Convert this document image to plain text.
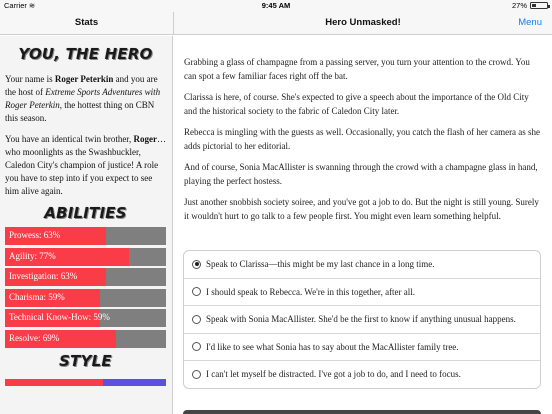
Carrier ≋	9:45 AM	27%
Stats	Hero Unmasked!	Menu
YOU, THE HERO

Your name is Roger Peterkin and you are the host of Extreme Sports Adventures with Roger Peterkin, the hottest thing on CBN this season.

You have an identical twin brother, Roger… who moonlights as the Swashbuckler, Caledon City's champion of justice! A role you have to step into if you expect to see him alive again.

ABILITIES
Prowess: 63%
Agility: 77%
Investigation: 63%
Charisma: 59%
Technical Know-How: 59%
Resolve: 69%
STYLE

Grabbing a glass of champagne from a passing server, you turn your attention to the crowd. You can spot a few familiar faces right off the bat.

Clarissa is here, of course. She's expected to give a speech about the importance of the Old City and the historical society to the fabric of Caledon City later.

Rebecca is mingling with the guests as well. Occasionally, you catch the flash of her camera as she adds pictorial to her editorial.

And of course, Sonia MacAllister is swanning through the crowd with a champagne glass in hand, playing the perfect hostess.

Just another snobbish society soiree, and you've got a job to do. But the night is still young. Surely it wouldn't hurt to go talk to a few people first. You might even learn something helpful.

Speak to Clarissa—this might be my last chance in a long time.
I should speak to Rebecca. We're in this together, after all.
Speak with Sonia MacAllister. She'd be the first to know if anything unusual happens.
I'd like to see what Sonia has to say about the MacAllister family tree.
I can't let myself be distracted. I've got a job to do, and I need to focus.
